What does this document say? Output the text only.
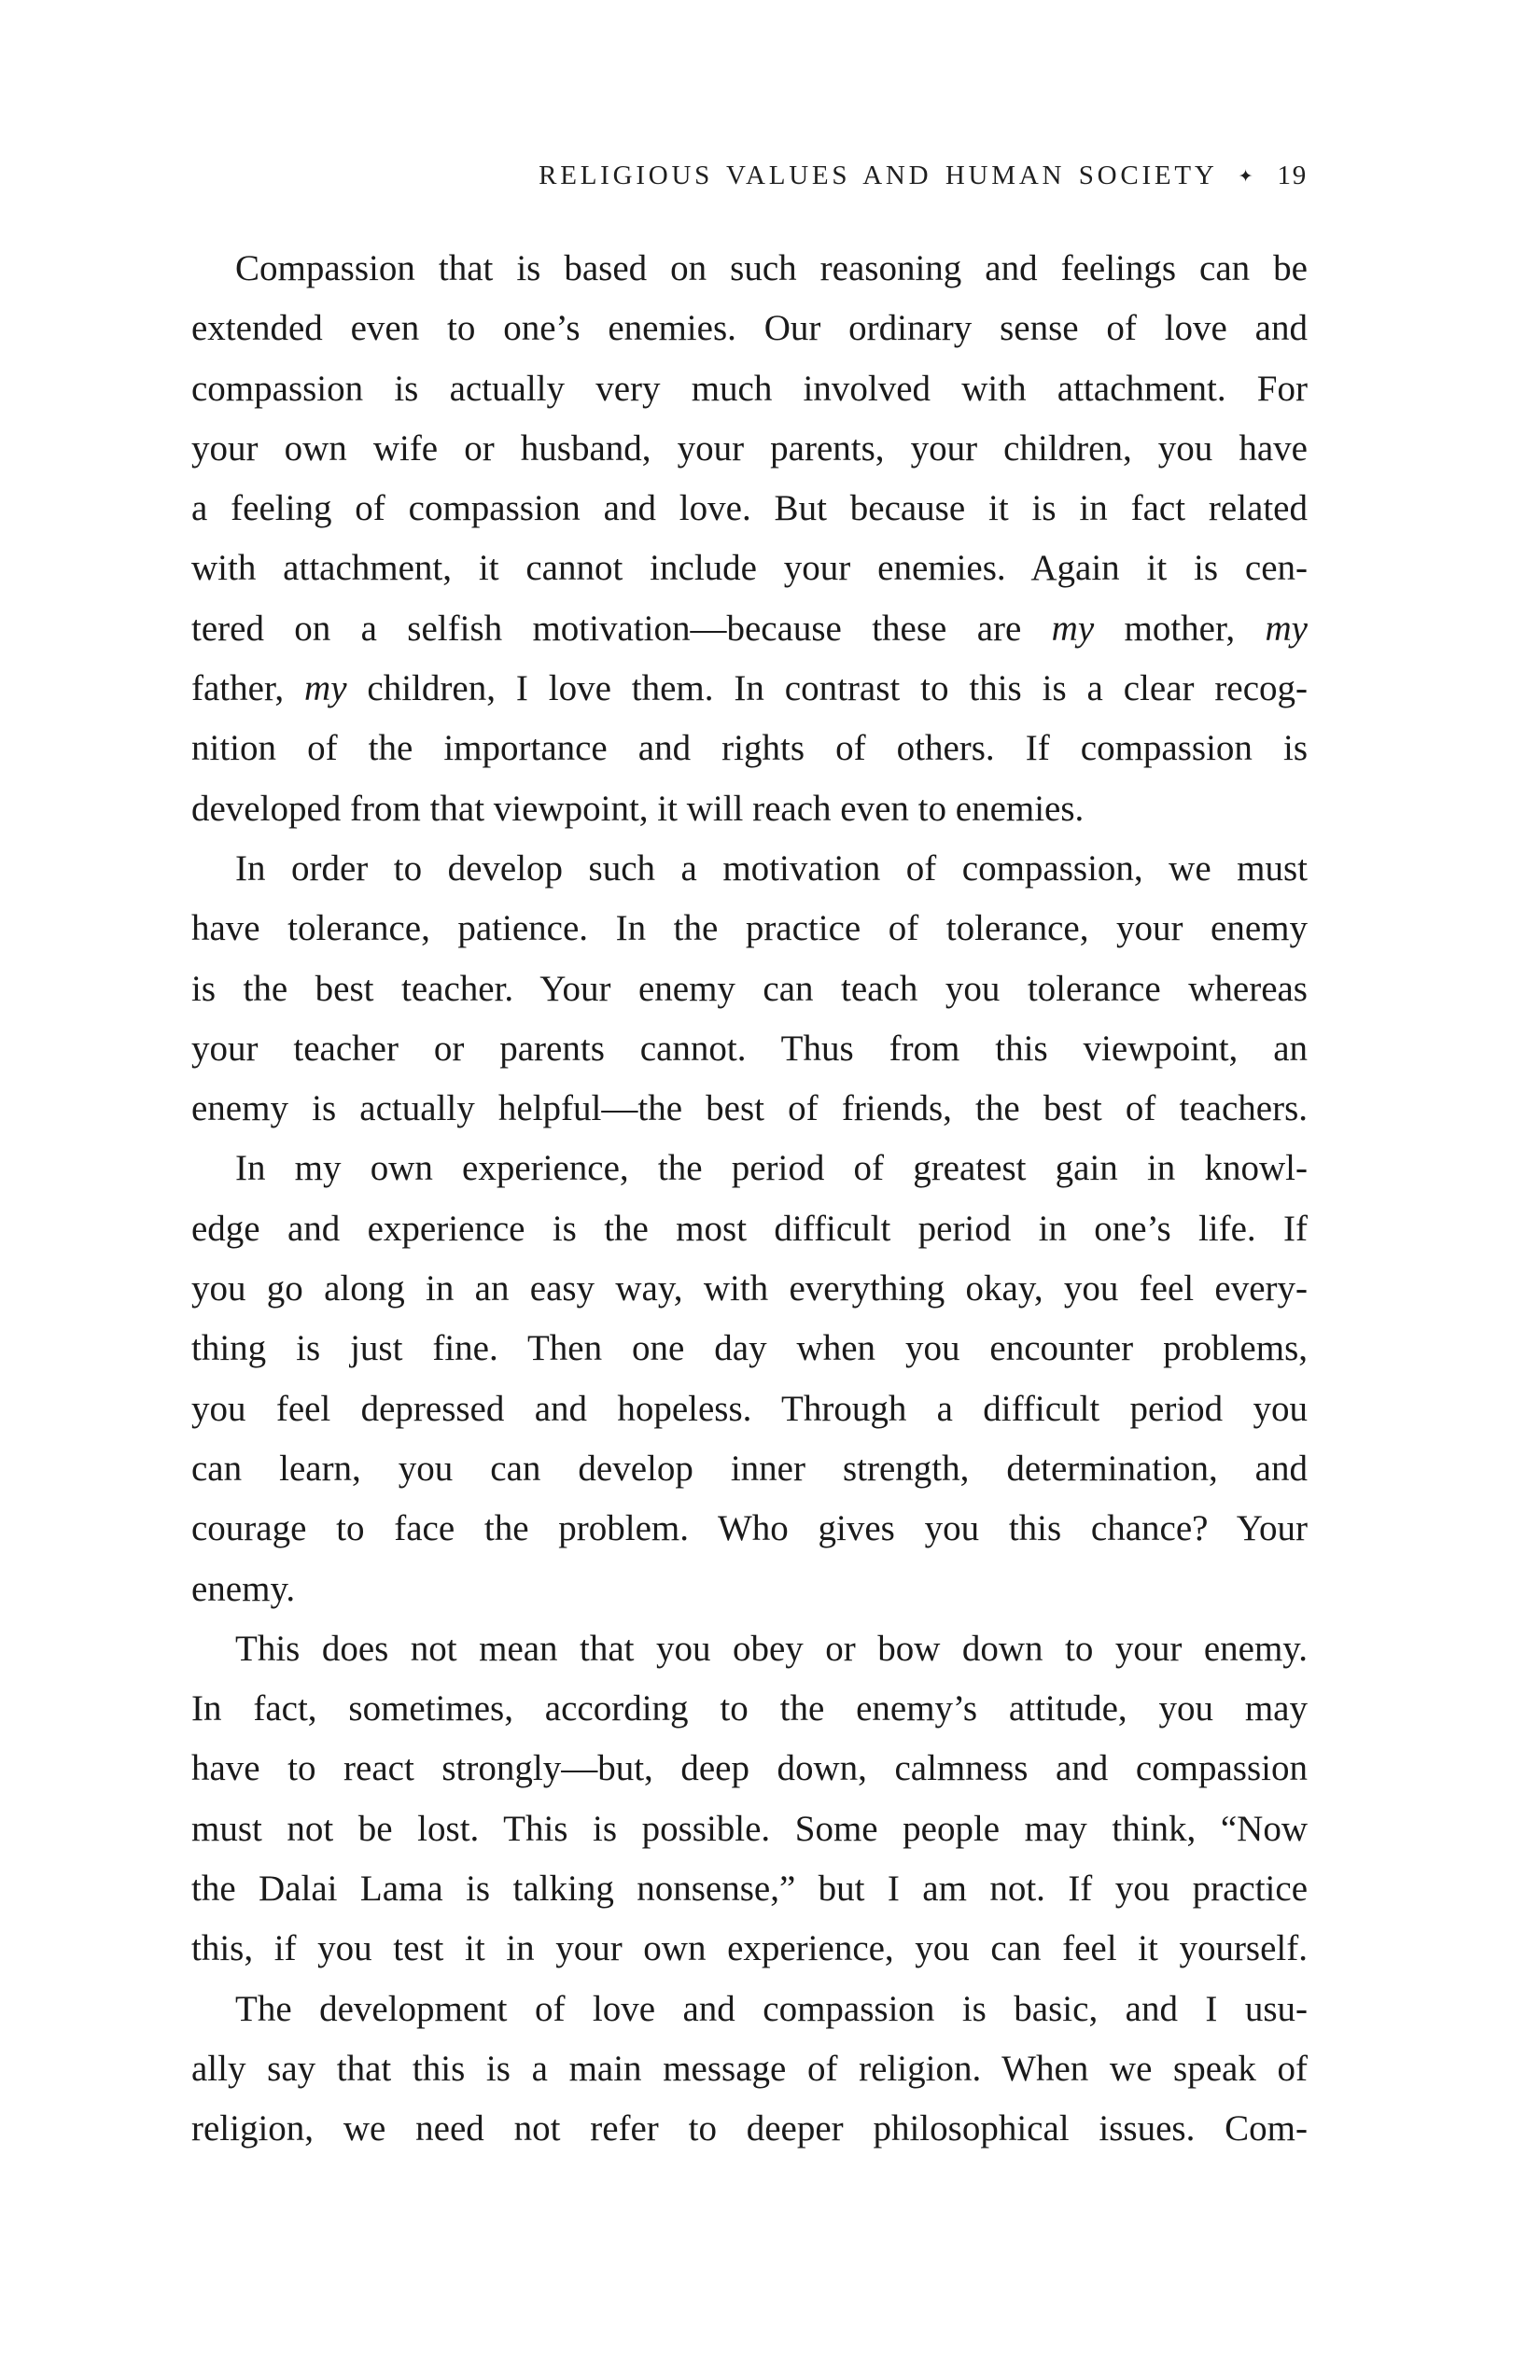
RELIGIOUS VALUES AND HUMAN SOCIETY ✦ 19
Compassion that is based on such reasoning and feelings can be
extended even to one’s enemies. Our ordinary sense of love and
compassion is actually very much involved with attachment. For
your own wife or husband, your parents, your children, you have
a feeling of compassion and love. But because it is in fact related
with attachment, it cannot include your enemies. Again it is cen-
tered on a selfish motivation—because these are my mother, my
father, my children, I love them. In contrast to this is a clear recog-
nition of the importance and rights of others. If compassion is
developed from that viewpoint, it will reach even to enemies.
In order to develop such a motivation of compassion, we must
have tolerance, patience. In the practice of tolerance, your enemy
is the best teacher. Your enemy can teach you tolerance whereas
your teacher or parents cannot. Thus from this viewpoint, an
enemy is actually helpful—the best of friends, the best of teachers.
In my own experience, the period of greatest gain in knowl-
edge and experience is the most difficult period in one’s life. If
you go along in an easy way, with everything okay, you feel every-
thing is just fine. Then one day when you encounter problems,
you feel depressed and hopeless. Through a difficult period you
can learn, you can develop inner strength, determination, and
courage to face the problem. Who gives you this chance? Your
enemy.
This does not mean that you obey or bow down to your enemy.
In fact, sometimes, according to the enemy’s attitude, you may
have to react strongly—but, deep down, calmness and compassion
must not be lost. This is possible. Some people may think, “Now
the Dalai Lama is talking nonsense,” but I am not. If you practice
this, if you test it in your own experience, you can feel it yourself.
The development of love and compassion is basic, and I usu-
ally say that this is a main message of religion. When we speak of
religion, we need not refer to deeper philosophical issues. Com-
